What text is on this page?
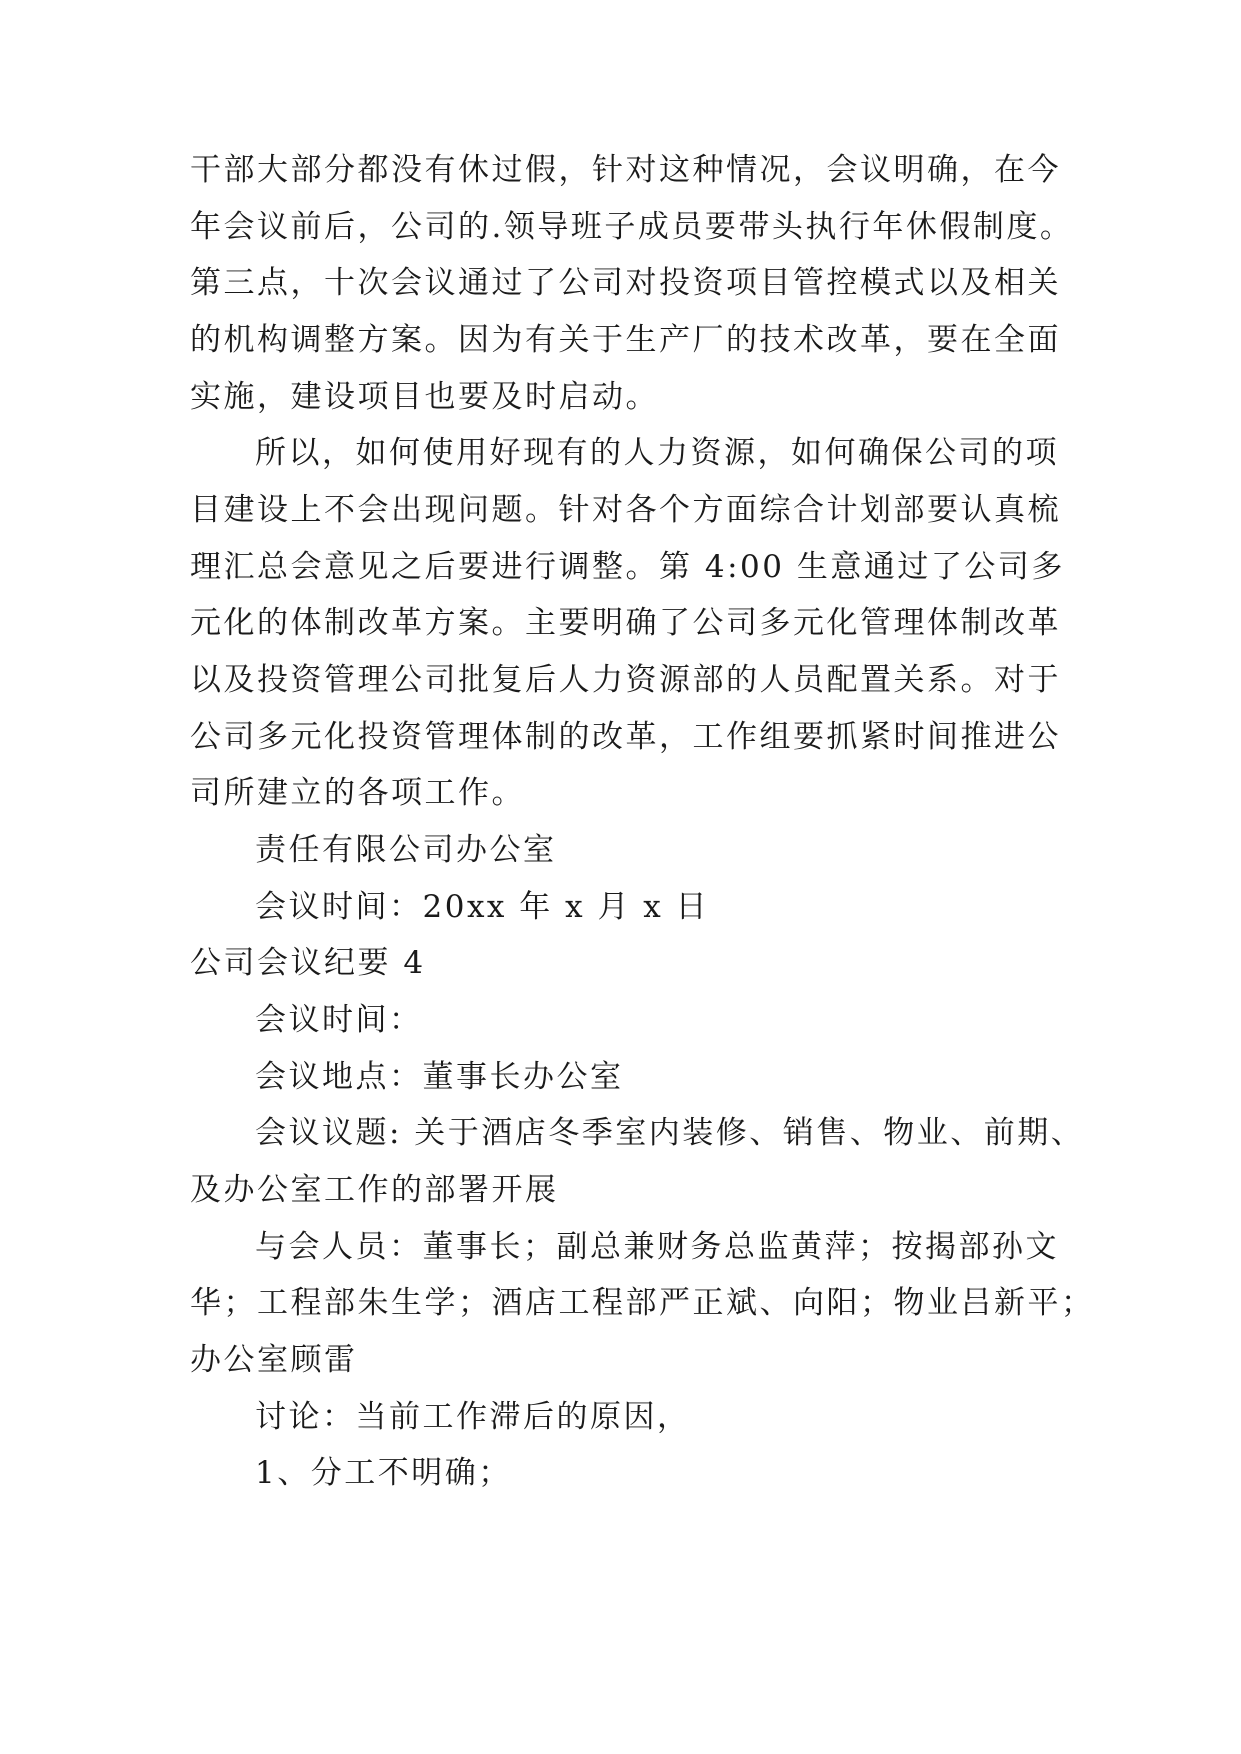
干部大部分都没有休过假，针对这种情况，会议明确，在今
年会议前后，公司的.领导班子成员要带头执行年休假制度。
第三点，十次会议通过了公司对投资项目管控模式以及相关
的机构调整方案。因为有关于生产厂的技术改革，要在全面
实施，建设项目也要及时启动。
所以，如何使用好现有的人力资源，如何确保公司的项
目建设上不会出现问题。针对各个方面综合计划部要认真梳
理汇总会意见之后要进行调整。第 4:00 生意通过了公司多
元化的体制改革方案。主要明确了公司多元化管理体制改革
以及投资管理公司批复后人力资源部的人员配置关系。对于
公司多元化投资管理体制的改革，工作组要抓紧时间推进公
司所建立的各项工作。
责任有限公司办公室
会议时间：20xx 年 x 月 x 日
公司会议纪要 4
会议时间：
会议地点：董事长办公室
会议议题: 关于酒店冬季室内装修、销售、物业、前期、
及办公室工作的部署开展
与会人员：董事长；副总兼财务总监黄萍；按揭部孙文
华；工程部朱生学；酒店工程部严正斌、向阳；物业吕新平；
办公室顾雷
讨论：当前工作滞后的原因，
1、分工不明确；
